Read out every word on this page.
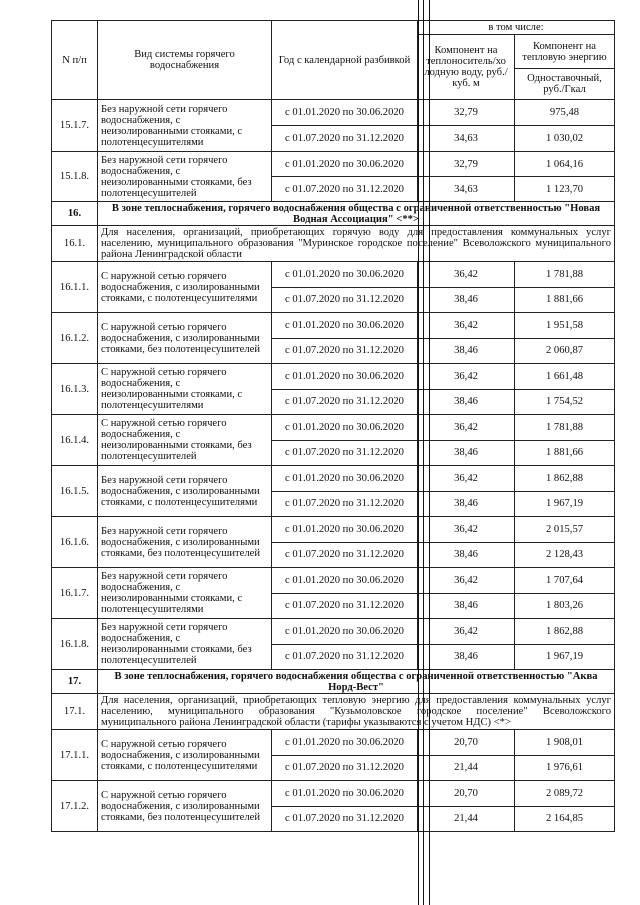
N п/п	Вид системы горячего водоснабжения	Год с календарной разбивкой	в том числе:	
			Компонент на теплоноситель/хо лодную воду, руб./куб. м	Компонент на тепловую энергию
				Одноставочный, руб./Гкал
15.1.7.	Без наружной сети горячего водоснабжения, с неизолированными стояками, с полотенцесушителями	с 01.01.2020 по 30.06.2020	32,79	975,48
		с 01.07.2020 по 31.12.2020	34,63	1 030,02
15.1.8.	Без наружной сети горячего водоснабжения, с неизолированными стояками, без полотенцесушителей	с 01.01.2020 по 30.06.2020	32,79	1 064,16
		с 01.07.2020 по 31.12.2020	34,63	1 123,70
16.	В зоне теплоснабжения, горячего водоснабжения общества с ограниченной ответственностью "Новая Водная Ассоциация" <**>			
16.1.	Для населения, организаций, приобретающих горячую воду для предоставления коммунальных услуг населению, муниципального образования "Муринское городское поселение" Всеволожского муниципального района Ленинградской области			
16.1.1.	С наружной сетью горячего водоснабжения, с изолированными стояками, с полотенцесушителями	с 01.01.2020 по 30.06.2020	36,42	1 781,88
		с 01.07.2020 по 31.12.2020	38,46	1 881,66
16.1.2.	С наружной сетью горячего водоснабжения, с изолированными стояками, без полотенцесушителей	с 01.01.2020 по 30.06.2020	36,42	1 951,58
		с 01.07.2020 по 31.12.2020	38,46	2 060,87
16.1.3.	С наружной сетью горячего водоснабжения, с неизолированными стояками, с полотенцесушителями	с 01.01.2020 по 30.06.2020	36,42	1 661,48
		с 01.07.2020 по 31.12.2020	38,46	1 754,52
16.1.4.	С наружной сетью горячего водоснабжения, с неизолированными стояками, без полотенцесушителей	с 01.01.2020 по 30.06.2020	36,42	1 781,88
		с 01.07.2020 по 31.12.2020	38,46	1 881,66
16.1.5.	Без наружной сети горячего водоснабжения, с изолированными стояками, с полотенцесушителями	с 01.01.2020 по 30.06.2020	36,42	1 862,88
		с 01.07.2020 по 31.12.2020	38,46	1 967,19
16.1.6.	Без наружной сети горячего водоснабжения, с изолированными стояками, без полотенцесушителей	с 01.01.2020 по 30.06.2020	36,42	2 015,57
		с 01.07.2020 по 31.12.2020	38,46	2 128,43
16.1.7.	Без наружной сети горячего водоснабжения, с неизолированными стояками, с полотенцесушителями	с 01.01.2020 по 30.06.2020	36,42	1 707,64
		с 01.07.2020 по 31.12.2020	38,46	1 803,26
16.1.8.	Без наружной сети горячего водоснабжения, с неизолированными стояками, без полотенцесушителей	с 01.01.2020 по 30.06.2020	36,42	1 862,88
		с 01.07.2020 по 31.12.2020	38,46	1 967,19
17.	В зоне теплоснабжения, горячего водоснабжения общества с ограниченной ответственностью "Аква Норд-Вест"			
17.1.	Для населения, организаций, приобретающих тепловую энергию для предоставления коммунальных услуг населению, муниципального образования "Кузьмоловское городское поселение" Всеволожского муниципального района Ленинградской области (тарифы указываются с учетом НДС) <*>			
17.1.1.	С наружной сетью горячего водоснабжения, с изолированными стояками, с полотенцесушителями	с 01.01.2020 по 30.06.2020	20,70	1 908,01
		с 01.07.2020 по 31.12.2020	21,44	1 976,61
17.1.2.	С наружной сетью горячего водоснабжения, с изолированными стояками, без полотенцесушителей	с 01.01.2020 по 30.06.2020	20,70	2 089,72
		с 01.07.2020 по 31.12.2020	21,44	2 164,85
